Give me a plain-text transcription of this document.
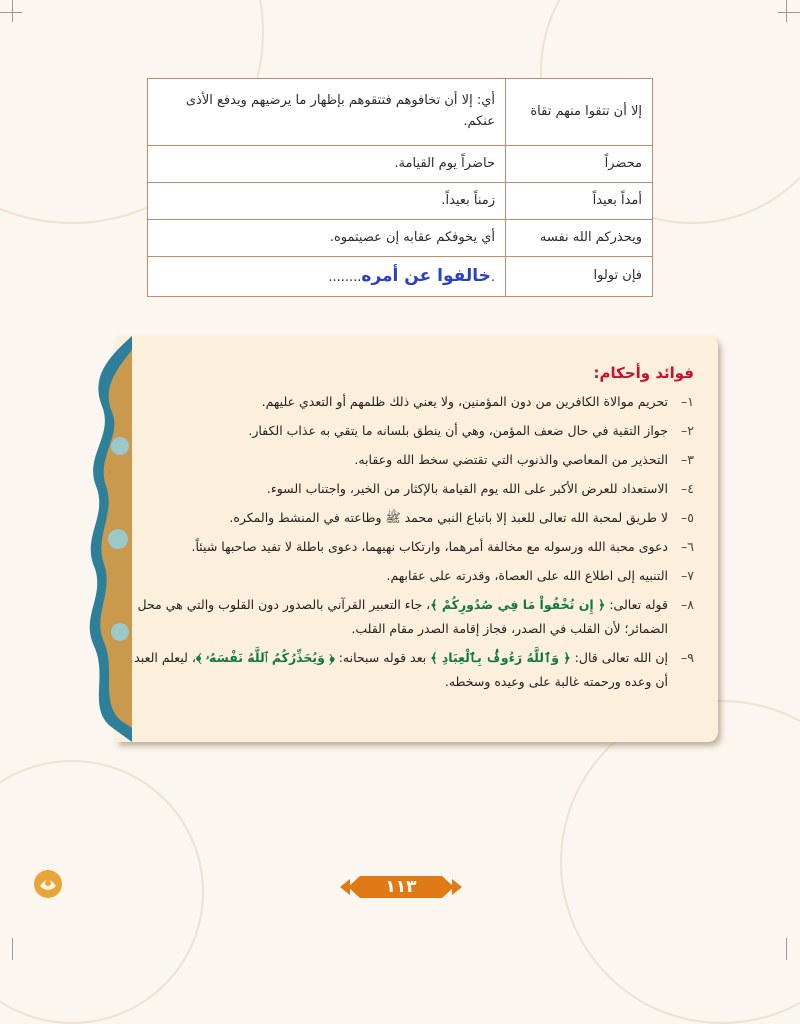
إلا أن تتقوا منهم تقاة	أي: إلا أن تخافوهم فتتقوهم بإظهار ما يرضيهم ويدفع الأذى عنكم.
محضراً	حاضراً يوم القيامة.
أمداً بعيداً	زمناً بعيداً.
ويحذركم الله نفسه	أي يخوفكم عقابه إن عصيتموه.
فإن تولوا	.خالفوا عن أمره........
فوائد وأحكام:
١–
تحريم موالاة الكافرين من دون المؤمنين، ولا يعني ذلك ظلمهم أو التعدي عليهم.
٢–
جواز التقية في حال ضعف المؤمن، وهي أن ينطق بلسانه ما يتقي به عذاب الكفار.
٣–
التحذير من المعاصي والذنوب التي تقتضي سخط الله وعقابه.
٤–
الاستعداد للعرض الأكبر على الله يوم القيامة بالإكثار من الخير، واجتناب السوء.
٥–
لا طريق لمحبة الله تعالى للعبد إلا باتباع النبي محمد ﷺ وطاعته في المنشط والمكره.
٦–
دعوى محبة الله ورسوله مع مخالفة أمرهما، وارتكاب نهيهما، دعوى باطلة لا تفيد صاحبها شيئاً.
٧–
التنبيه إلى اطلاع الله على العصاة، وقدرته على عقابهم.
٨–
قوله تعالى: ﴿ إِن تُخْفُواْ مَا فِي صُدُورِكُمْ ﴾، جاء التعبير القرآني بالصدور دون القلوب والتي هي محل الضمائر؛ لأن القلب في الصدر، فجاز إقامة الصدر مقام القلب.
٩–
إن الله تعالى قال: ﴿ وَٱللَّهُ رَءُوفُۢ بِٱلْعِبَادِ ﴾ بعد قوله سبحانه: ﴿ وَيُحَذِّرُكُمُ ٱللَّهُ نَفْسَهُۥ ﴾، ليعلم العبد أن وعده ورحمته غالبة على وعيده وسخطه.
١١٣
